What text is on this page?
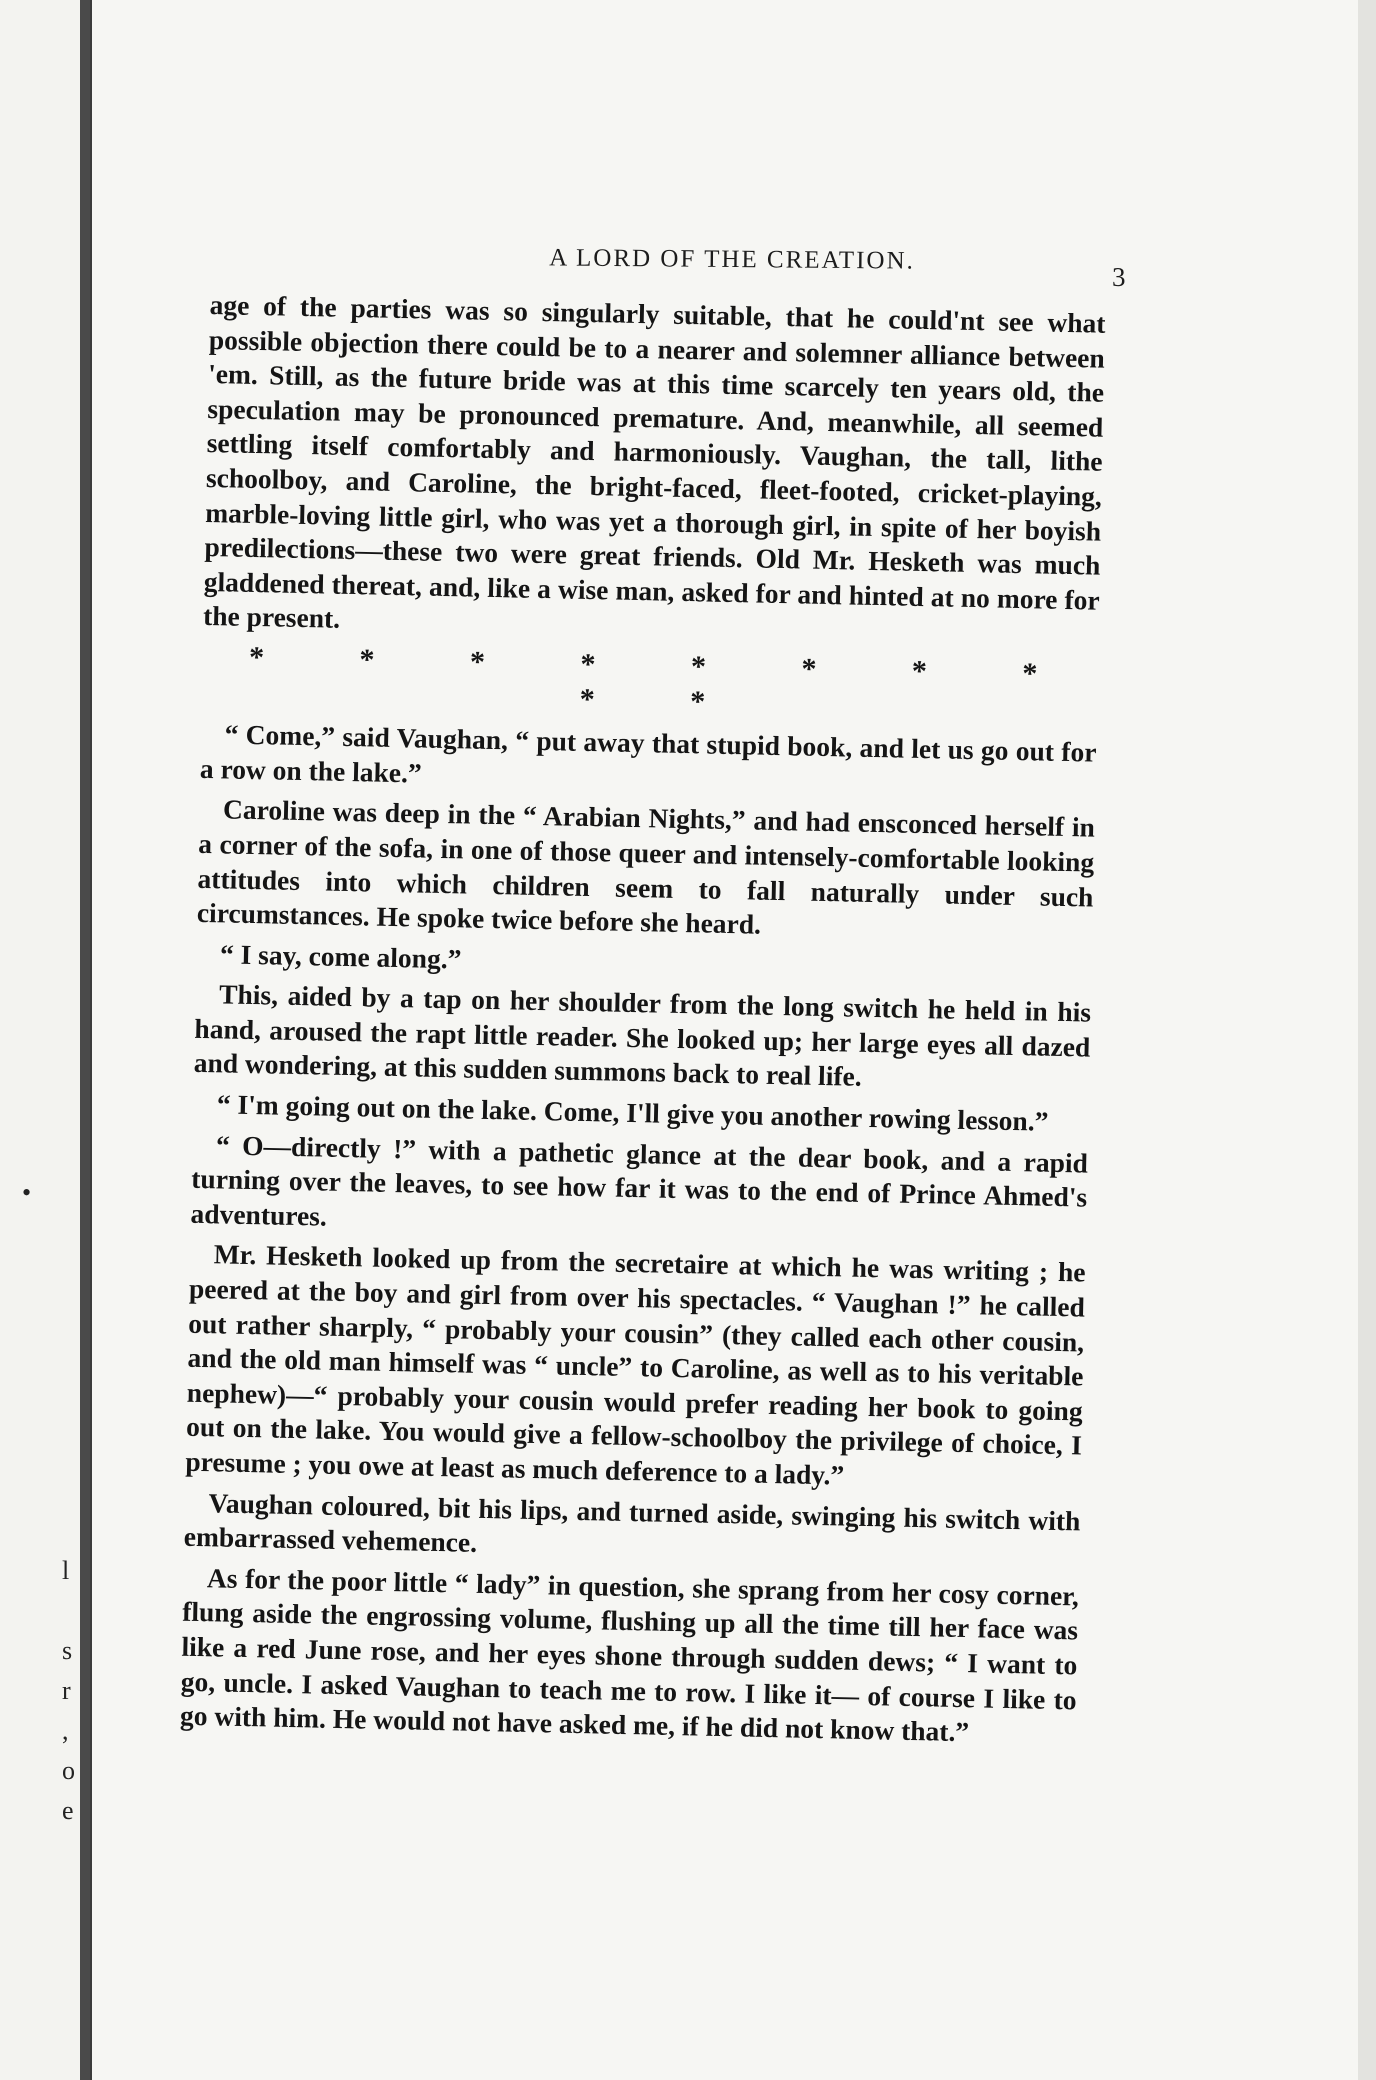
•
l
s
r
,
o
e
A LORD OF THE CREATION.
3

age of the parties was so singularly suitable, that he could'nt see what possible objection there could be to a nearer and solemner alliance between 'em. Still, as the future bride was at this time scarcely ten years old, the speculation may be pronounced premature. And, meanwhile, all seemed settling itself comfortably and harmoniously. Vaughan, the tall, lithe schoolboy, and Caroline, the bright-faced, fleet-footed, cricket-playing, marble-loving little girl, who was yet a thorough girl, in spite of her boyish predilections—these two were great friends. Old Mr. Hesketh was much gladdened thereat, and, like a wise man, asked for and hinted at no more for the present.

* * * * * * * * * *

“ Come,” said Vaughan, “ put away that stupid book, and let us go out for a row on the lake.”

Caroline was deep in the “ Arabian Nights,” and had ensconced herself in a corner of the sofa, in one of those queer and intensely-comfortable looking attitudes into which children seem to fall naturally under such circumstances. He spoke twice before she heard.

“ I say, come along.”

This, aided by a tap on her shoulder from the long switch he held in his hand, aroused the rapt little reader. She looked up; her large eyes all dazed and wondering, at this sudden summons back to real life.

“ I'm going out on the lake. Come, I'll give you another rowing lesson.”

“ O—directly !” with a pathetic glance at the dear book, and a rapid turning over the leaves, to see how far it was to the end of Prince Ahmed's adventures.

Mr. Hesketh looked up from the secretaire at which he was writing ; he peered at the boy and girl from over his spectacles. “ Vaughan !” he called out rather sharply, “ probably your cousin” (they called each other cousin, and the old man himself was “ uncle” to Caroline, as well as to his veritable nephew)—“ probably your cousin would prefer reading her book to going out on the lake. You would give a fellow-schoolboy the privilege of choice, I presume ; you owe at least as much deference to a lady.”

Vaughan coloured, bit his lips, and turned aside, swinging his switch with embarrassed vehemence.

As for the poor little “ lady” in question, she sprang from her cosy corner, flung aside the engrossing volume, flushing up all the time till her face was like a red June rose, and her eyes shone through sudden dews; “ I want to go, uncle. I asked Vaughan to teach me to row. I like it— of course I like to go with him. He would not have asked me, if he did not know that.”
